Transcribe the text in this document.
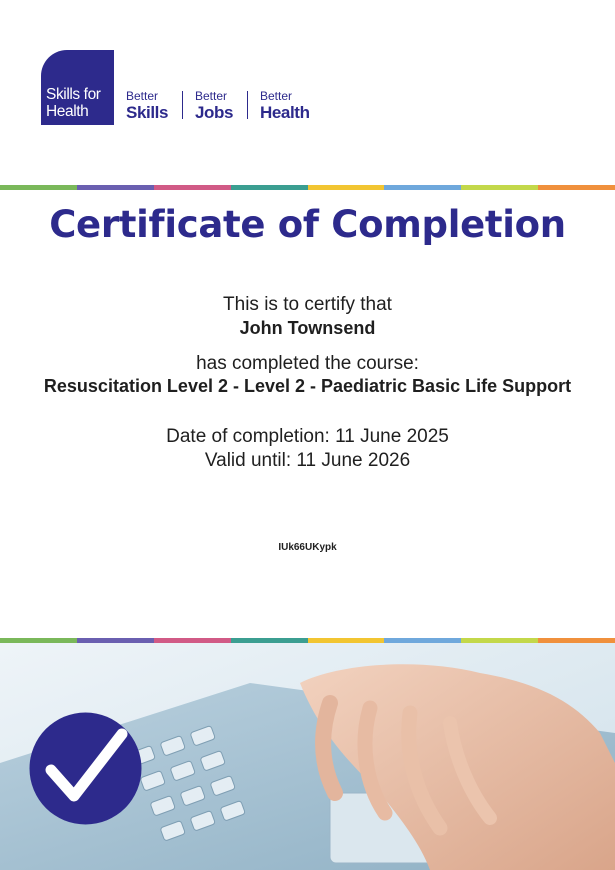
Skills for
Health
Better
Skills
Better
Jobs
Better
Health
Certificate of Completion
This is to certify that
John Townsend
has completed the course:
Resuscitation Level 2 - Level 2 - Paediatric Basic Life Support
Date of completion: 11 June 2025
Valid until: 11 June 2026
IUk66UKypk
